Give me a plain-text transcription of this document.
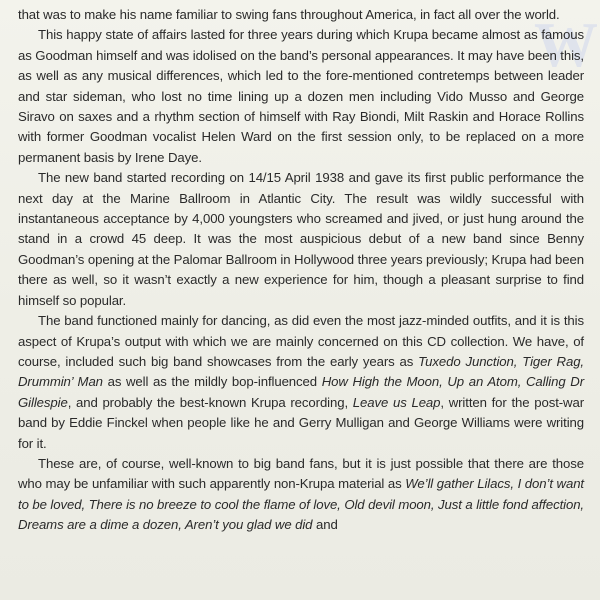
W

that was to make his name familiar to swing fans throughout America, in fact all over the world.

This happy state of affairs lasted for three years during which Krupa became almost as famous as Goodman himself and was idolised on the band’s personal appearances. It may have been this, as well as any musical differences, which led to the fore-mentioned contretemps between leader and star sideman, who lost no time lining up a dozen men including Vido Musso and George Siravo on saxes and a rhythm section of himself with Ray Biondi, Milt Raskin and Horace Rollins with former Goodman vocalist Helen Ward on the first session only, to be replaced on a more permanent basis by Irene Daye.

The new band started recording on 14/15 April 1938 and gave its first public performance the next day at the Marine Ballroom in Atlantic City. The result was wildly successful with instantaneous acceptance by 4,000 youngsters who screamed and jived, or just hung around the stand in a crowd 45 deep. It was the most auspicious debut of a new band since Benny Goodman’s opening at the Palomar Ballroom in Hollywood three years previously; Krupa had been there as well, so it wasn’t exactly a new experience for him, though a pleasant surprise to find himself so popular.

The band functioned mainly for dancing, as did even the most jazz-minded outfits, and it is this aspect of Krupa’s output with which we are mainly concerned on this CD collection. We have, of course, included such big band showcases from the early years as Tuxedo Junction, Tiger Rag, Drummin’ Man as well as the mildly bop-influenced How High the Moon, Up an Atom, Calling Dr Gillespie, and probably the best-known Krupa recording, Leave us Leap, written for the post-war band by Eddie Finckel when people like he and Gerry Mulligan and George Williams were writing for it.

These are, of course, well-known to big band fans, but it is just possible that there are those who may be unfamiliar with such apparently non-Krupa material as We’ll gather Lilacs, I don’t want to be loved, There is no breeze to cool the flame of love, Old devil moon, Just a little fond affection, Dreams are a dime a dozen, Aren’t you glad we did and
